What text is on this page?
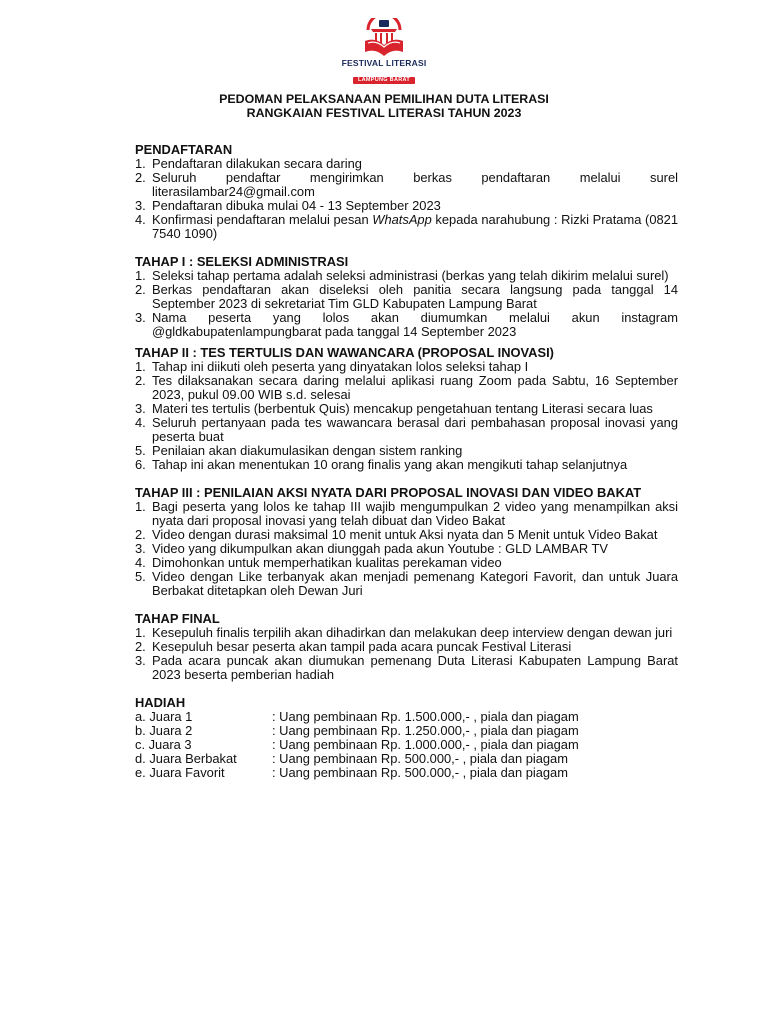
FESTIVAL LITERASI
LAMPUNG BARAT
PEDOMAN PELAKSANAAN PEMILIHAN DUTA LITERASI
RANGKAIAN FESTIVAL LITERASI TAHUN 2023

PENDAFTARAN

1. Pendaftaran dilakukan secara daring
2. Seluruh pendaftar mengirimkan berkas pendaftaran melalui surel literasilambar24@gmail.com
3. Pendaftaran dibuka mulai 04 - 13 September 2023
4. Konfirmasi pendaftaran melalui pesan WhatsApp kepada narahubung : Rizki Pratama (0821 7540 1090)

TAHAP I : SELEKSI ADMINISTRASI

1. Seleksi tahap pertama adalah seleksi administrasi (berkas yang telah dikirim melalui surel)
2. Berkas pendaftaran akan diseleksi oleh panitia secara langsung pada tanggal 14 September 2023 di sekretariat Tim GLD Kabupaten Lampung Barat
3. Nama peserta yang lolos akan diumumkan melalui akun instagram @gldkabupatenlampungbarat pada tanggal 14 September 2023

TAHAP II : TES TERTULIS DAN WAWANCARA (PROPOSAL INOVASI)

1. Tahap ini diikuti oleh peserta yang dinyatakan lolos seleksi tahap I
2. Tes dilaksanakan secara daring melalui aplikasi ruang Zoom pada Sabtu, 16 September 2023, pukul 09.00 WIB s.d. selesai
3. Materi tes tertulis (berbentuk Quis) mencakup pengetahuan tentang Literasi secara luas
4. Seluruh pertanyaan pada tes wawancara berasal dari pembahasan proposal inovasi yang peserta buat
5. Penilaian akan diakumulasikan dengan sistem ranking
6. Tahap ini akan menentukan 10 orang finalis yang akan mengikuti tahap selanjutnya

TAHAP III : PENILAIAN AKSI NYATA DARI PROPOSAL INOVASI DAN VIDEO BAKAT

1. Bagi peserta yang lolos ke tahap III wajib mengumpulkan 2 video yang menampilkan aksi nyata dari proposal inovasi yang telah dibuat dan Video Bakat
2. Video dengan durasi maksimal 10 menit untuk Aksi nyata dan 5 Menit untuk Video Bakat
3. Video yang dikumpulkan akan diunggah pada akun Youtube : GLD LAMBAR TV
4. Dimohonkan untuk memperhatikan kualitas perekaman video
5. Video dengan Like terbanyak akan menjadi pemenang Kategori Favorit, dan untuk Juara Berbakat ditetapkan oleh Dewan Juri

TAHAP FINAL

1. Kesepuluh finalis terpilih akan dihadirkan dan melakukan deep interview dengan dewan juri
2. Kesepuluh besar peserta akan tampil pada acara puncak Festival Literasi
3. Pada acara puncak akan diumukan pemenang Duta Literasi Kabupaten Lampung Barat 2023 beserta pemberian hadiah

HADIAH

a. Juara 1	: Uang pembinaan Rp. 1.500.000,- , piala dan piagam
b. Juara 2	: Uang pembinaan Rp. 1.250.000,- , piala dan piagam
c. Juara 3	: Uang pembinaan Rp. 1.000.000,- , piala dan piagam
d. Juara Berbakat	: Uang pembinaan Rp. 500.000,- , piala dan piagam
e. Juara Favorit	: Uang pembinaan Rp. 500.000,- , piala dan piagam
